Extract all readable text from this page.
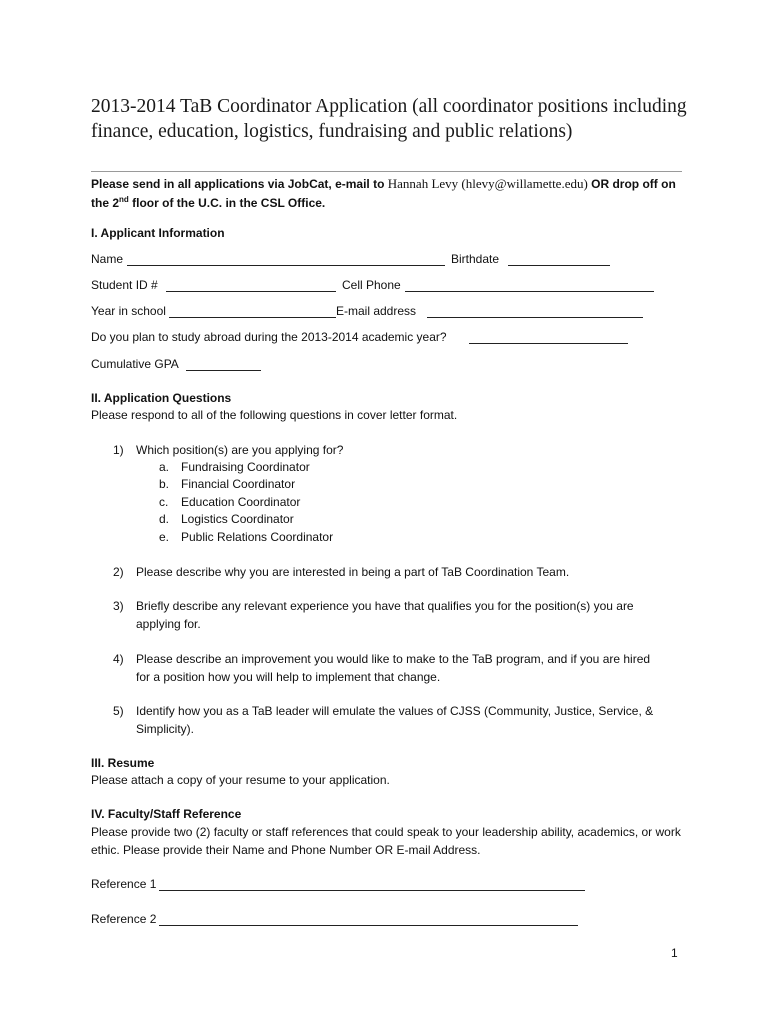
2013-2014 TaB Coordinator Application (all coordinator positions including finance, education, logistics, fundraising and public relations)
Please send in all applications via JobCat, e-mail to Hannah Levy (hlevy@willamette.edu) OR drop off on the 2nd floor of the U.C. in the CSL Office.
I. Applicant Information
Name	Birthdate
Student ID #	Cell Phone
Year in school	E-mail address
Do you plan to study abroad during the 2013-2014 academic year?
Cumulative GPA
II. Application Questions
Please respond to all of the following questions in cover letter format.
1) Which position(s) are you applying for?
a. Fundraising Coordinator
b. Financial Coordinator
c. Education Coordinator
d. Logistics Coordinator
e. Public Relations Coordinator
2) Please describe why you are interested in being a part of TaB Coordination Team.
3) Briefly describe any relevant experience you have that qualifies you for the position(s) you are applying for.
4) Please describe an improvement you would like to make to the TaB program, and if you are hired for a position how you will help to implement that change.
5) Identify how you as a TaB leader will emulate the values of CJSS (Community, Justice, Service, & Simplicity).
III. Resume
Please attach a copy of your resume to your application.
IV. Faculty/Staff Reference
Please provide two (2) faculty or staff references that could speak to your leadership ability, academics, or work ethic. Please provide their Name and Phone Number OR E-mail Address.
Reference 1
Reference 2
1
